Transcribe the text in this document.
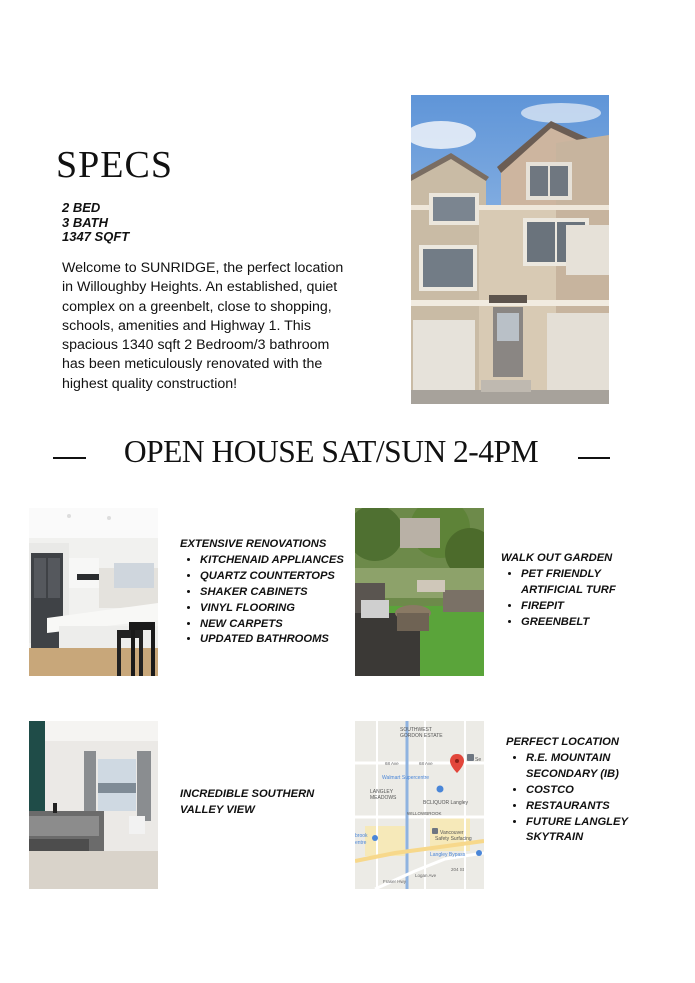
SPECS
2 BED
3 BATH
1347 SQFT
Welcome to SUNRIDGE, the perfect location in Willoughby Heights. An established, quiet complex on a greenbelt, close to shopping, schools, amenities and Highway 1. This spacious 1340 sqft 2 Bedroom/3 bathroom has been meticulously renovated with the highest quality construction!
OPEN HOUSE SAT/SUN 2-4PM
EXTENSIVE RENOVATIONS
• KITCHENAID APPLIANCES
• QUARTZ COUNTERTOPS
• SHAKER CABINETS
• VINYL FLOORING
• NEW CARPETS
• UPDATED BATHROOMS
WALK OUT GARDEN
• PET FRIENDLY ARTIFICIAL TURF
• FIREPIT
• GREENBELT
INCREDIBLE SOUTHERN VALLEY VIEW
SOUTHWEST
GORDON ESTATE
68 Ave	68 Ave
Walmart Supercentre
LANGLEY
MEADOWS
BCLIQUOR Langley
WILLOWBROOK
Vancouver
Safety Surfacing
Langley Bypass
brook
entre
Fraser Hwy
Logan Ave
204 St
Se
PERFECT LOCATION
• R.E. MOUNTAIN SECONDARY (IB)
• COSTCO
• RESTAURANTS
• FUTURE LANGLEY SKYTRAIN
